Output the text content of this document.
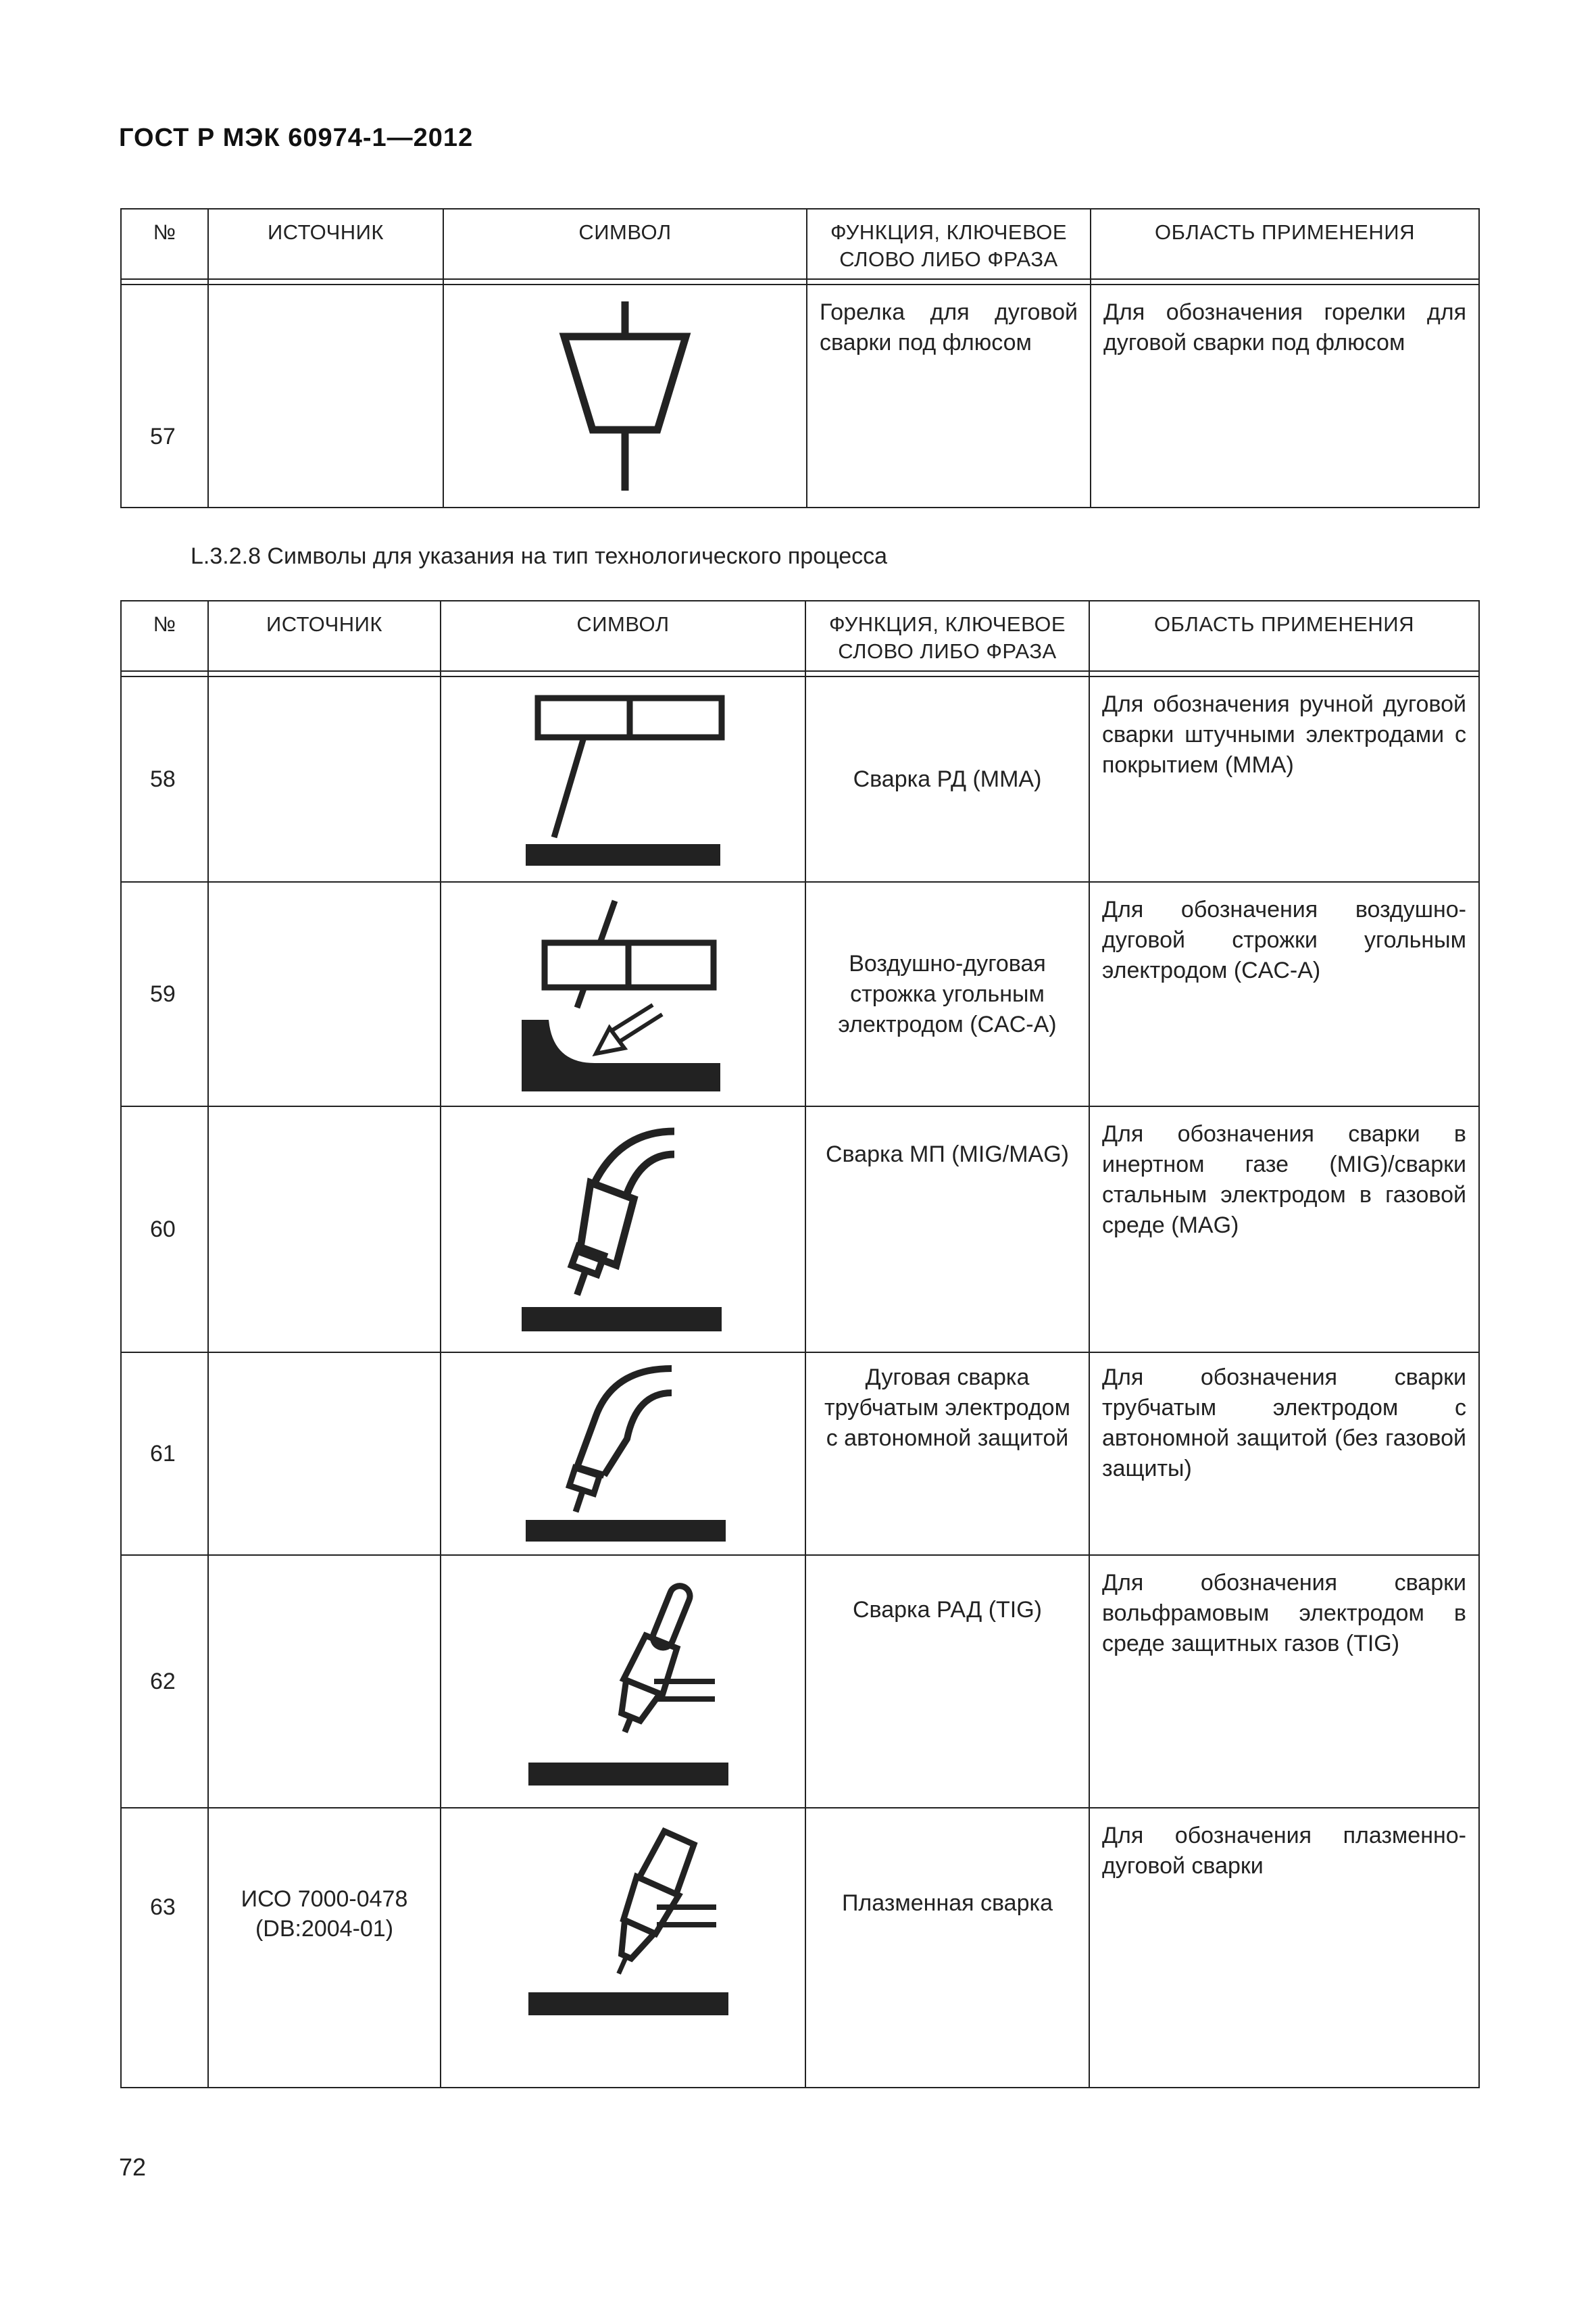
ГОСТ Р МЭК 60974-1—2012
№	ИСТОЧНИК	СИМВОЛ	ФУНКЦИЯ, КЛЮЧЕВОЕ СЛОВО ЛИБО ФРАЗА	ОБЛАСТЬ ПРИМЕНЕНИЯ

57			Горелка для дуговой сварки под флюсом	Для обозначения горелки для дуговой сварки под флюсом
L.3.2.8 Символы для указания на тип технологического процесса
№	ИСТОЧНИК	СИМВОЛ	ФУНКЦИЯ, КЛЮЧЕВОЕ СЛОВО ЛИБО ФРАЗА	ОБЛАСТЬ ПРИМЕНЕНИЯ

58			Сварка РД (ММА)	Для обозначения ручной дуговой сварки штучными электродами с покрытием (ММА)
59			Воздушно-дуговая строжка угольным электродом (CAC-A)	Для обозначения воздушно-дуговой строжки угольным электродом (CAC-A)
60			Сварка МП (MIG/MAG)	Для обозначения сварки в инертном газе (MIG)/сварки стальным электродом в газовой среде (MAG)
61			Дуговая сварка трубчатым электродом с автономной защитой	Для обозначения сварки трубчатым электродом с автономной защитой (без газовой защиты)
62			Сварка РАД (TIG)	Для обозначения сварки вольфрамовым электродом в среде защитных газов (TIG)
63	ИСО 7000-0478 (DB:2004-01)		Плазменная сварка	Для обозначения плазменно-дуговой сварки
72
